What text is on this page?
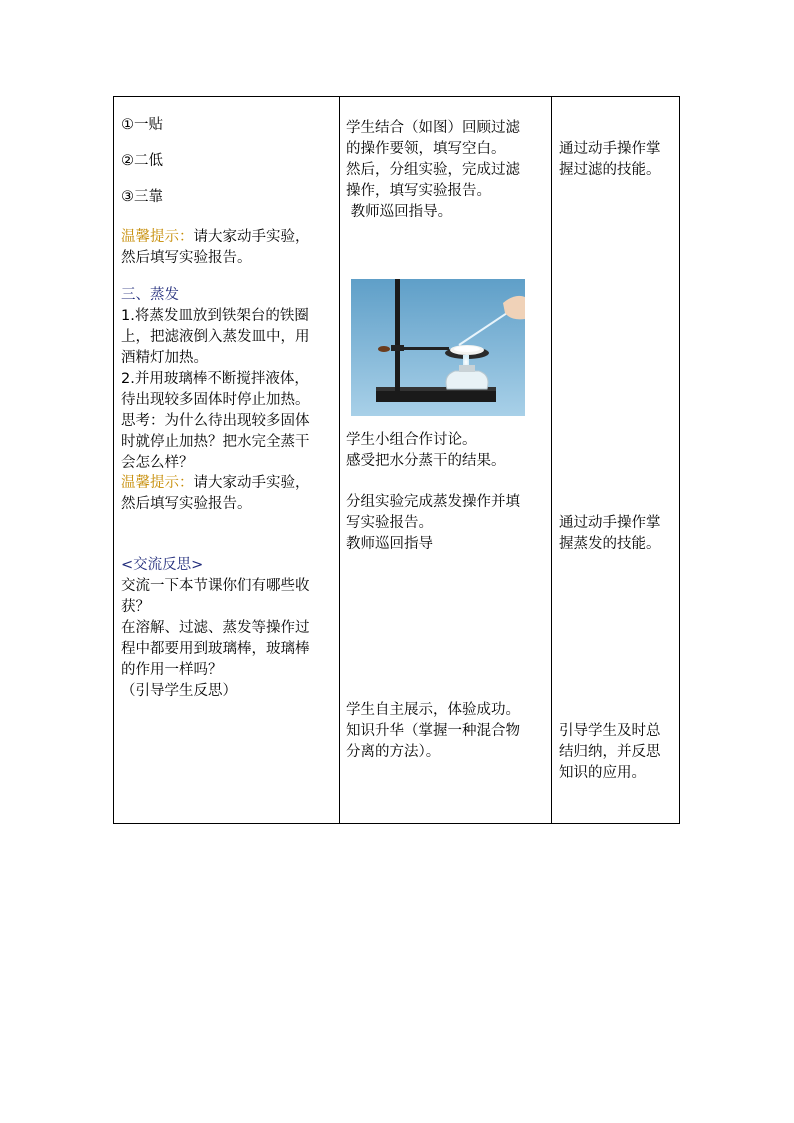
①一贴
②二低
③三靠
温馨提示：请大家动手实验，
然后填写实验报告。
三、蒸发
1.将蒸发皿放到铁架台的铁圈
上，把滤液倒入蒸发皿中，用
酒精灯加热。
2.并用玻璃棒不断搅拌液体，
待出现较多固体时停止加热。
思考：为什么待出现较多固体
时就停止加热？把水完全蒸干
会怎么样？
温馨提示：请大家动手实验，
然后填写实验报告。
<交流反思>
交流一下本节课你们有哪些收
获？
在溶解、过滤、蒸发等操作过
程中都要用到玻璃棒，玻璃棒
的作用一样吗？
（引导学生反思）
学生结合（如图）回顾过滤
的操作要领，填写空白。
然后，分组实验，完成过滤
操作，填写实验报告。
教师巡回指导。
学生小组合作讨论。
感受把水分蒸干的结果。
分组实验完成蒸发操作并填
写实验报告。
教师巡回指导
学生自主展示，体验成功。
知识升华（掌握一种混合物
分离的方法）。
通过动手操作掌
握过滤的技能。
通过动手操作掌
握蒸发的技能。
引导学生及时总
结归纳，并反思
知识的应用。
